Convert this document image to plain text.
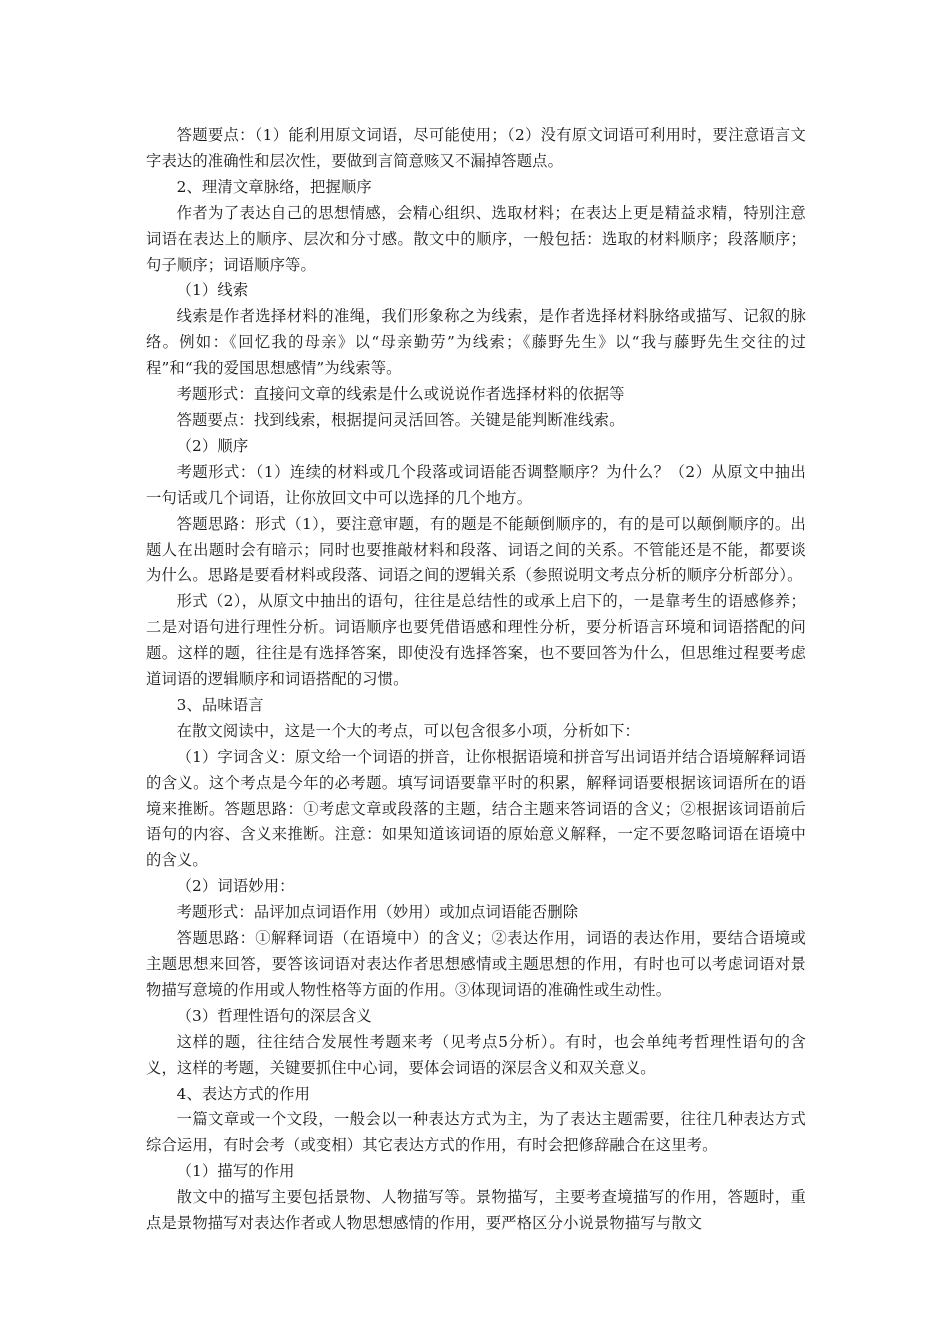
答题要点：（1）能利用原文词语，尽可能使用；（2）没有原文词语可利用时，要注意语言文字表达的准确性和层次性，要做到言简意赅又不漏掉答题点。

2、理清文章脉络，把握顺序

作者为了表达自己的思想情感，会精心组织、选取材料；在表达上更是精益求精，特别注意词语在表达上的顺序、层次和分寸感。散文中的顺序，一般包括：选取的材料顺序；段落顺序；句子顺序；词语顺序等。

（1）线索

线索是作者选择材料的准绳，我们形象称之为线索，是作者选择材料脉络或描写、记叙的脉络。例如：《回忆我的母亲》以“母亲勤劳”为线索；《藤野先生》以“我与藤野先生交往的过程”和“我的爱国思想感情”为线索等。

考题形式：直接问文章的线索是什么或说说作者选择材料的依据等

答题要点：找到线索，根据提问灵活回答。关键是能判断准线索。

（2）顺序

考题形式：（1）连续的材料或几个段落或词语能否调整顺序？为什么？（2）从原文中抽出一句话或几个词语，让你放回文中可以选择的几个地方。

答题思路：形式（1），要注意审题，有的题是不能颠倒顺序的，有的是可以颠倒顺序的。出题人在出题时会有暗示；同时也要推敲材料和段落、词语之间的关系。不管能还是不能，都要谈为什么。思路是要看材料或段落、词语之间的逻辑关系（参照说明文考点分析的顺序分析部分）。

形式（2），从原文中抽出的语句，往往是总结性的或承上启下的，一是靠考生的语感修养；二是对语句进行理性分析。词语顺序也要凭借语感和理性分析，要分析语言环境和词语搭配的问题。这样的题，往往是有选择答案，即使没有选择答案，也不要回答为什么，但思维过程要考虑道词语的逻辑顺序和词语搭配的习惯。

3、品味语言

在散文阅读中，这是一个大的考点，可以包含很多小项，分析如下：

（1）字词含义：原文给一个词语的拼音，让你根据语境和拼音写出词语并结合语境解释词语的含义。这个考点是今年的必考题。填写词语要靠平时的积累，解释词语要根据该词语所在的语境来推断。答题思路：①考虑文章或段落的主题，结合主题来答词语的含义；②根据该词语前后语句的内容、含义来推断。注意：如果知道该词语的原始意义解释，一定不要忽略词语在语境中的含义。

（2）词语妙用：

考题形式：品评加点词语作用（妙用）或加点词语能否删除

答题思路：①解释词语（在语境中）的含义；②表达作用，词语的表达作用，要结合语境或主题思想来回答，要答该词语对表达作者思想感情或主题思想的作用，有时也可以考虑词语对景物描写意境的作用或人物性格等方面的作用。③体现词语的准确性或生动性。

（3）哲理性语句的深层含义

这样的题，往往结合发展性考题来考（见考点5分析）。有时，也会单纯考哲理性语句的含义，这样的考题，关键要抓住中心词，要体会词语的深层含义和双关意义。

4、表达方式的作用

一篇文章或一个文段，一般会以一种表达方式为主，为了表达主题需要，往往几种表达方式综合运用，有时会考（或变相）其它表达方式的作用，有时会把修辞融合在这里考。

（1）描写的作用

散文中的描写主要包括景物、人物描写等。景物描写，主要考查境描写的作用，答题时，重点是景物描写对表达作者或人物思想感情的作用，要严格区分小说景物描写与散文
